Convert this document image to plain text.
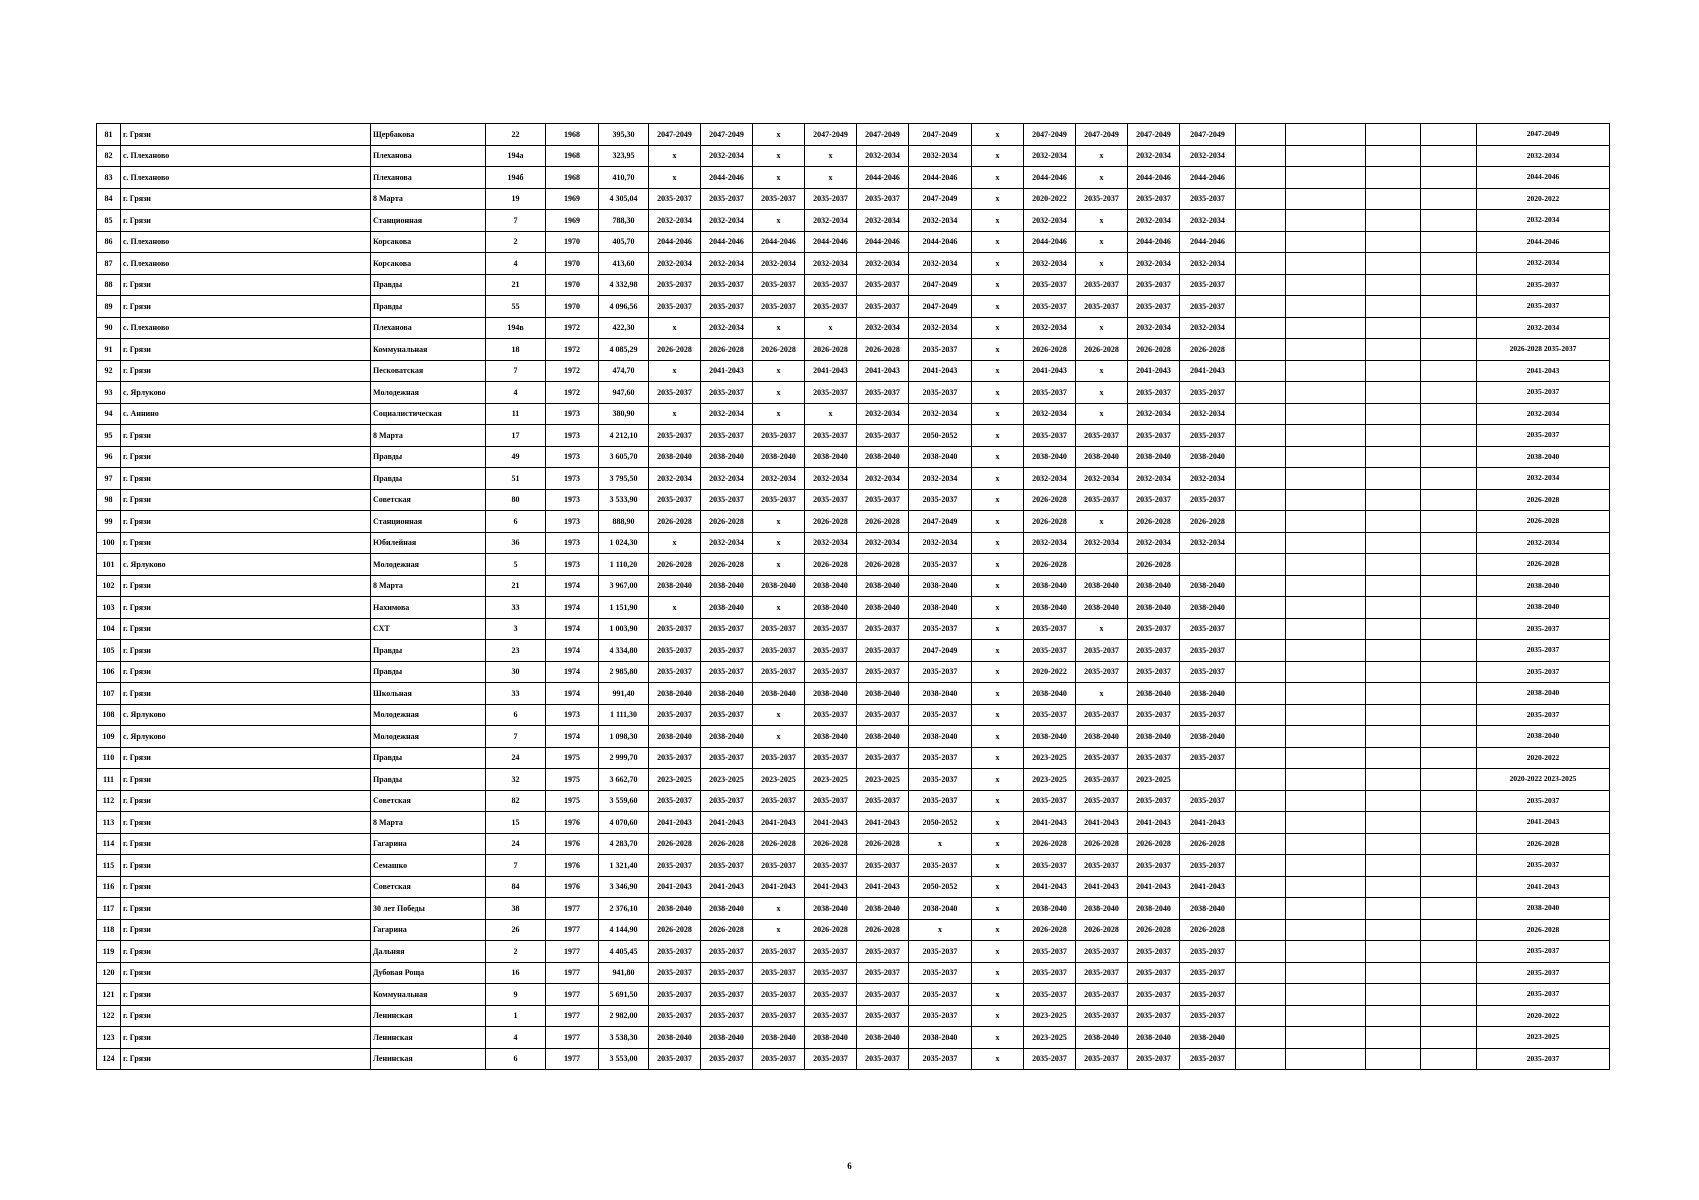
81	г. Грязи	Щербакова	22	1968	395,30	2047-2049	2047-2049	x	2047-2049	2047-2049	2047-2049	x	2047-2049	2047-2049	2047-2049	2047-2049					2047-2049
82	с. Плеханово	Плеханова	194а	1968	323,95	x	2032-2034	x	x	2032-2034	2032-2034	x	2032-2034	x	2032-2034	2032-2034					2032-2034
83	с. Плеханово	Плеханова	194б	1968	410,70	x	2044-2046	x	x	2044-2046	2044-2046	x	2044-2046	x	2044-2046	2044-2046					2044-2046
84	г. Грязи	8 Марта	19	1969	4 305,04	2035-2037	2035-2037	2035-2037	2035-2037	2035-2037	2047-2049	x	2020-2022	2035-2037	2035-2037	2035-2037					2020-2022
85	г. Грязи	Станционная	7	1969	788,30	2032-2034	2032-2034	x	2032-2034	2032-2034	2032-2034	x	2032-2034	x	2032-2034	2032-2034					2032-2034
86	с. Плеханово	Корсакова	2	1970	405,70	2044-2046	2044-2046	2044-2046	2044-2046	2044-2046	2044-2046	x	2044-2046	x	2044-2046	2044-2046					2044-2046
87	с. Плеханово	Корсакова	4	1970	413,60	2032-2034	2032-2034	2032-2034	2032-2034	2032-2034	2032-2034	x	2032-2034	x	2032-2034	2032-2034					2032-2034
88	г. Грязи	Правды	21	1970	4 332,98	2035-2037	2035-2037	2035-2037	2035-2037	2035-2037	2047-2049	x	2035-2037	2035-2037	2035-2037	2035-2037					2035-2037
89	г. Грязи	Правды	55	1970	4 096,56	2035-2037	2035-2037	2035-2037	2035-2037	2035-2037	2047-2049	x	2035-2037	2035-2037	2035-2037	2035-2037					2035-2037
90	с. Плеханово	Плеханова	194в	1972	422,30	x	2032-2034	x	x	2032-2034	2032-2034	x	2032-2034	x	2032-2034	2032-2034					2032-2034
91	г. Грязи	Коммунальная	18	1972	4 085,29	2026-2028	2026-2028	2026-2028	2026-2028	2026-2028	2035-2037	x	2026-2028	2026-2028	2026-2028	2026-2028					2026-2028 2035-2037
92	г. Грязи	Песковатская	7	1972	474,70	x	2041-2043	x	2041-2043	2041-2043	2041-2043	x	2041-2043	x	2041-2043	2041-2043					2041-2043
93	с. Ярлуково	Молодежная	4	1972	947,60	2035-2037	2035-2037	x	2035-2037	2035-2037	2035-2037	x	2035-2037	x	2035-2037	2035-2037					2035-2037
94	с. Аннино	Социалистическая	11	1973	380,90	x	2032-2034	x	x	2032-2034	2032-2034	x	2032-2034	x	2032-2034	2032-2034					2032-2034
95	г. Грязи	8 Марта	17	1973	4 212,10	2035-2037	2035-2037	2035-2037	2035-2037	2035-2037	2050-2052	x	2035-2037	2035-2037	2035-2037	2035-2037					2035-2037
96	г. Грязи	Правды	49	1973	3 605,70	2038-2040	2038-2040	2038-2040	2038-2040	2038-2040	2038-2040	x	2038-2040	2038-2040	2038-2040	2038-2040					2038-2040
97	г. Грязи	Правды	51	1973	3 795,50	2032-2034	2032-2034	2032-2034	2032-2034	2032-2034	2032-2034	x	2032-2034	2032-2034	2032-2034	2032-2034					2032-2034
98	г. Грязи	Советская	80	1973	3 533,90	2035-2037	2035-2037	2035-2037	2035-2037	2035-2037	2035-2037	x	2026-2028	2035-2037	2035-2037	2035-2037					2026-2028
99	г. Грязи	Станционная	6	1973	888,90	2026-2028	2026-2028	x	2026-2028	2026-2028	2047-2049	x	2026-2028	x	2026-2028	2026-2028					2026-2028
100	г. Грязи	Юбилейная	36	1973	1 024,30	x	2032-2034	x	2032-2034	2032-2034	2032-2034	x	2032-2034	2032-2034	2032-2034	2032-2034					2032-2034
101	с. Ярлуково	Молодежная	5	1973	1 110,20	2026-2028	2026-2028	x	2026-2028	2026-2028	2035-2037	x	2026-2028		2026-2028						2026-2028
102	г. Грязи	8 Марта	21	1974	3 967,00	2038-2040	2038-2040	2038-2040	2038-2040	2038-2040	2038-2040	x	2038-2040	2038-2040	2038-2040	2038-2040					2038-2040
103	г. Грязи	Нахимова	33	1974	1 151,90	x	2038-2040	x	2038-2040	2038-2040	2038-2040	x	2038-2040	2038-2040	2038-2040	2038-2040					2038-2040
104	г. Грязи	СХТ	3	1974	1 003,90	2035-2037	2035-2037	2035-2037	2035-2037	2035-2037	2035-2037	x	2035-2037	x	2035-2037	2035-2037					2035-2037
105	г. Грязи	Правды	23	1974	4 334,80	2035-2037	2035-2037	2035-2037	2035-2037	2035-2037	2047-2049	x	2035-2037	2035-2037	2035-2037	2035-2037					2035-2037
106	г. Грязи	Правды	30	1974	2 985,80	2035-2037	2035-2037	2035-2037	2035-2037	2035-2037	2035-2037	x	2020-2022	2035-2037	2035-2037	2035-2037					2035-2037
107	г. Грязи	Школьная	33	1974	991,40	2038-2040	2038-2040	2038-2040	2038-2040	2038-2040	2038-2040	x	2038-2040	x	2038-2040	2038-2040					2038-2040
108	с. Ярлуково	Молодежная	6	1973	1 111,30	2035-2037	2035-2037	x	2035-2037	2035-2037	2035-2037	x	2035-2037	2035-2037	2035-2037	2035-2037					2035-2037
109	с. Ярлуково	Молодежная	7	1974	1 098,30	2038-2040	2038-2040	x	2038-2040	2038-2040	2038-2040	x	2038-2040	2038-2040	2038-2040	2038-2040					2038-2040
110	г. Грязи	Правды	24	1975	2 999,70	2035-2037	2035-2037	2035-2037	2035-2037	2035-2037	2035-2037	x	2023-2025	2035-2037	2035-2037	2035-2037					2020-2022
111	г. Грязи	Правды	32	1975	3 662,70	2023-2025	2023-2025	2023-2025	2023-2025	2023-2025	2035-2037	x	2023-2025	2035-2037	2023-2025						2020-2022 2023-2025
112	г. Грязи	Советская	82	1975	3 559,60	2035-2037	2035-2037	2035-2037	2035-2037	2035-2037	2035-2037	x	2035-2037	2035-2037	2035-2037	2035-2037					2035-2037
113	г. Грязи	8 Марта	15	1976	4 070,60	2041-2043	2041-2043	2041-2043	2041-2043	2041-2043	2050-2052	x	2041-2043	2041-2043	2041-2043	2041-2043					2041-2043
114	г. Грязи	Гагарина	24	1976	4 283,70	2026-2028	2026-2028	2026-2028	2026-2028	2026-2028	x	x	2026-2028	2026-2028	2026-2028	2026-2028					2026-2028
115	г. Грязи	Семашко	7	1976	1 321,40	2035-2037	2035-2037	2035-2037	2035-2037	2035-2037	2035-2037	x	2035-2037	2035-2037	2035-2037	2035-2037					2035-2037
116	г. Грязи	Советская	84	1976	3 346,90	2041-2043	2041-2043	2041-2043	2041-2043	2041-2043	2050-2052	x	2041-2043	2041-2043	2041-2043	2041-2043					2041-2043
117	г. Грязи	30 лет Победы	38	1977	2 376,10	2038-2040	2038-2040	x	2038-2040	2038-2040	2038-2040	x	2038-2040	2038-2040	2038-2040	2038-2040					2038-2040
118	г. Грязи	Гагарина	26	1977	4 144,90	2026-2028	2026-2028	x	2026-2028	2026-2028	x	x	2026-2028	2026-2028	2026-2028	2026-2028					2026-2028
119	г. Грязи	Дальняя	2	1977	4 405,45	2035-2037	2035-2037	2035-2037	2035-2037	2035-2037	2035-2037	x	2035-2037	2035-2037	2035-2037	2035-2037					2035-2037
120	г. Грязи	Дубовая Роща	16	1977	941,80	2035-2037	2035-2037	2035-2037	2035-2037	2035-2037	2035-2037	x	2035-2037	2035-2037	2035-2037	2035-2037					2035-2037
121	г. Грязи	Коммунальная	9	1977	5 691,50	2035-2037	2035-2037	2035-2037	2035-2037	2035-2037	2035-2037	x	2035-2037	2035-2037	2035-2037	2035-2037					2035-2037
122	г. Грязи	Ленинская	1	1977	2 982,00	2035-2037	2035-2037	2035-2037	2035-2037	2035-2037	2035-2037	x	2023-2025	2035-2037	2035-2037	2035-2037					2020-2022
123	г. Грязи	Ленинская	4	1977	3 538,30	2038-2040	2038-2040	2038-2040	2038-2040	2038-2040	2038-2040	x	2023-2025	2038-2040	2038-2040	2038-2040					2023-2025
124	г. Грязи	Ленинская	6	1977	3 553,00	2035-2037	2035-2037	2035-2037	2035-2037	2035-2037	2035-2037	x	2035-2037	2035-2037	2035-2037	2035-2037					2035-2037
6
